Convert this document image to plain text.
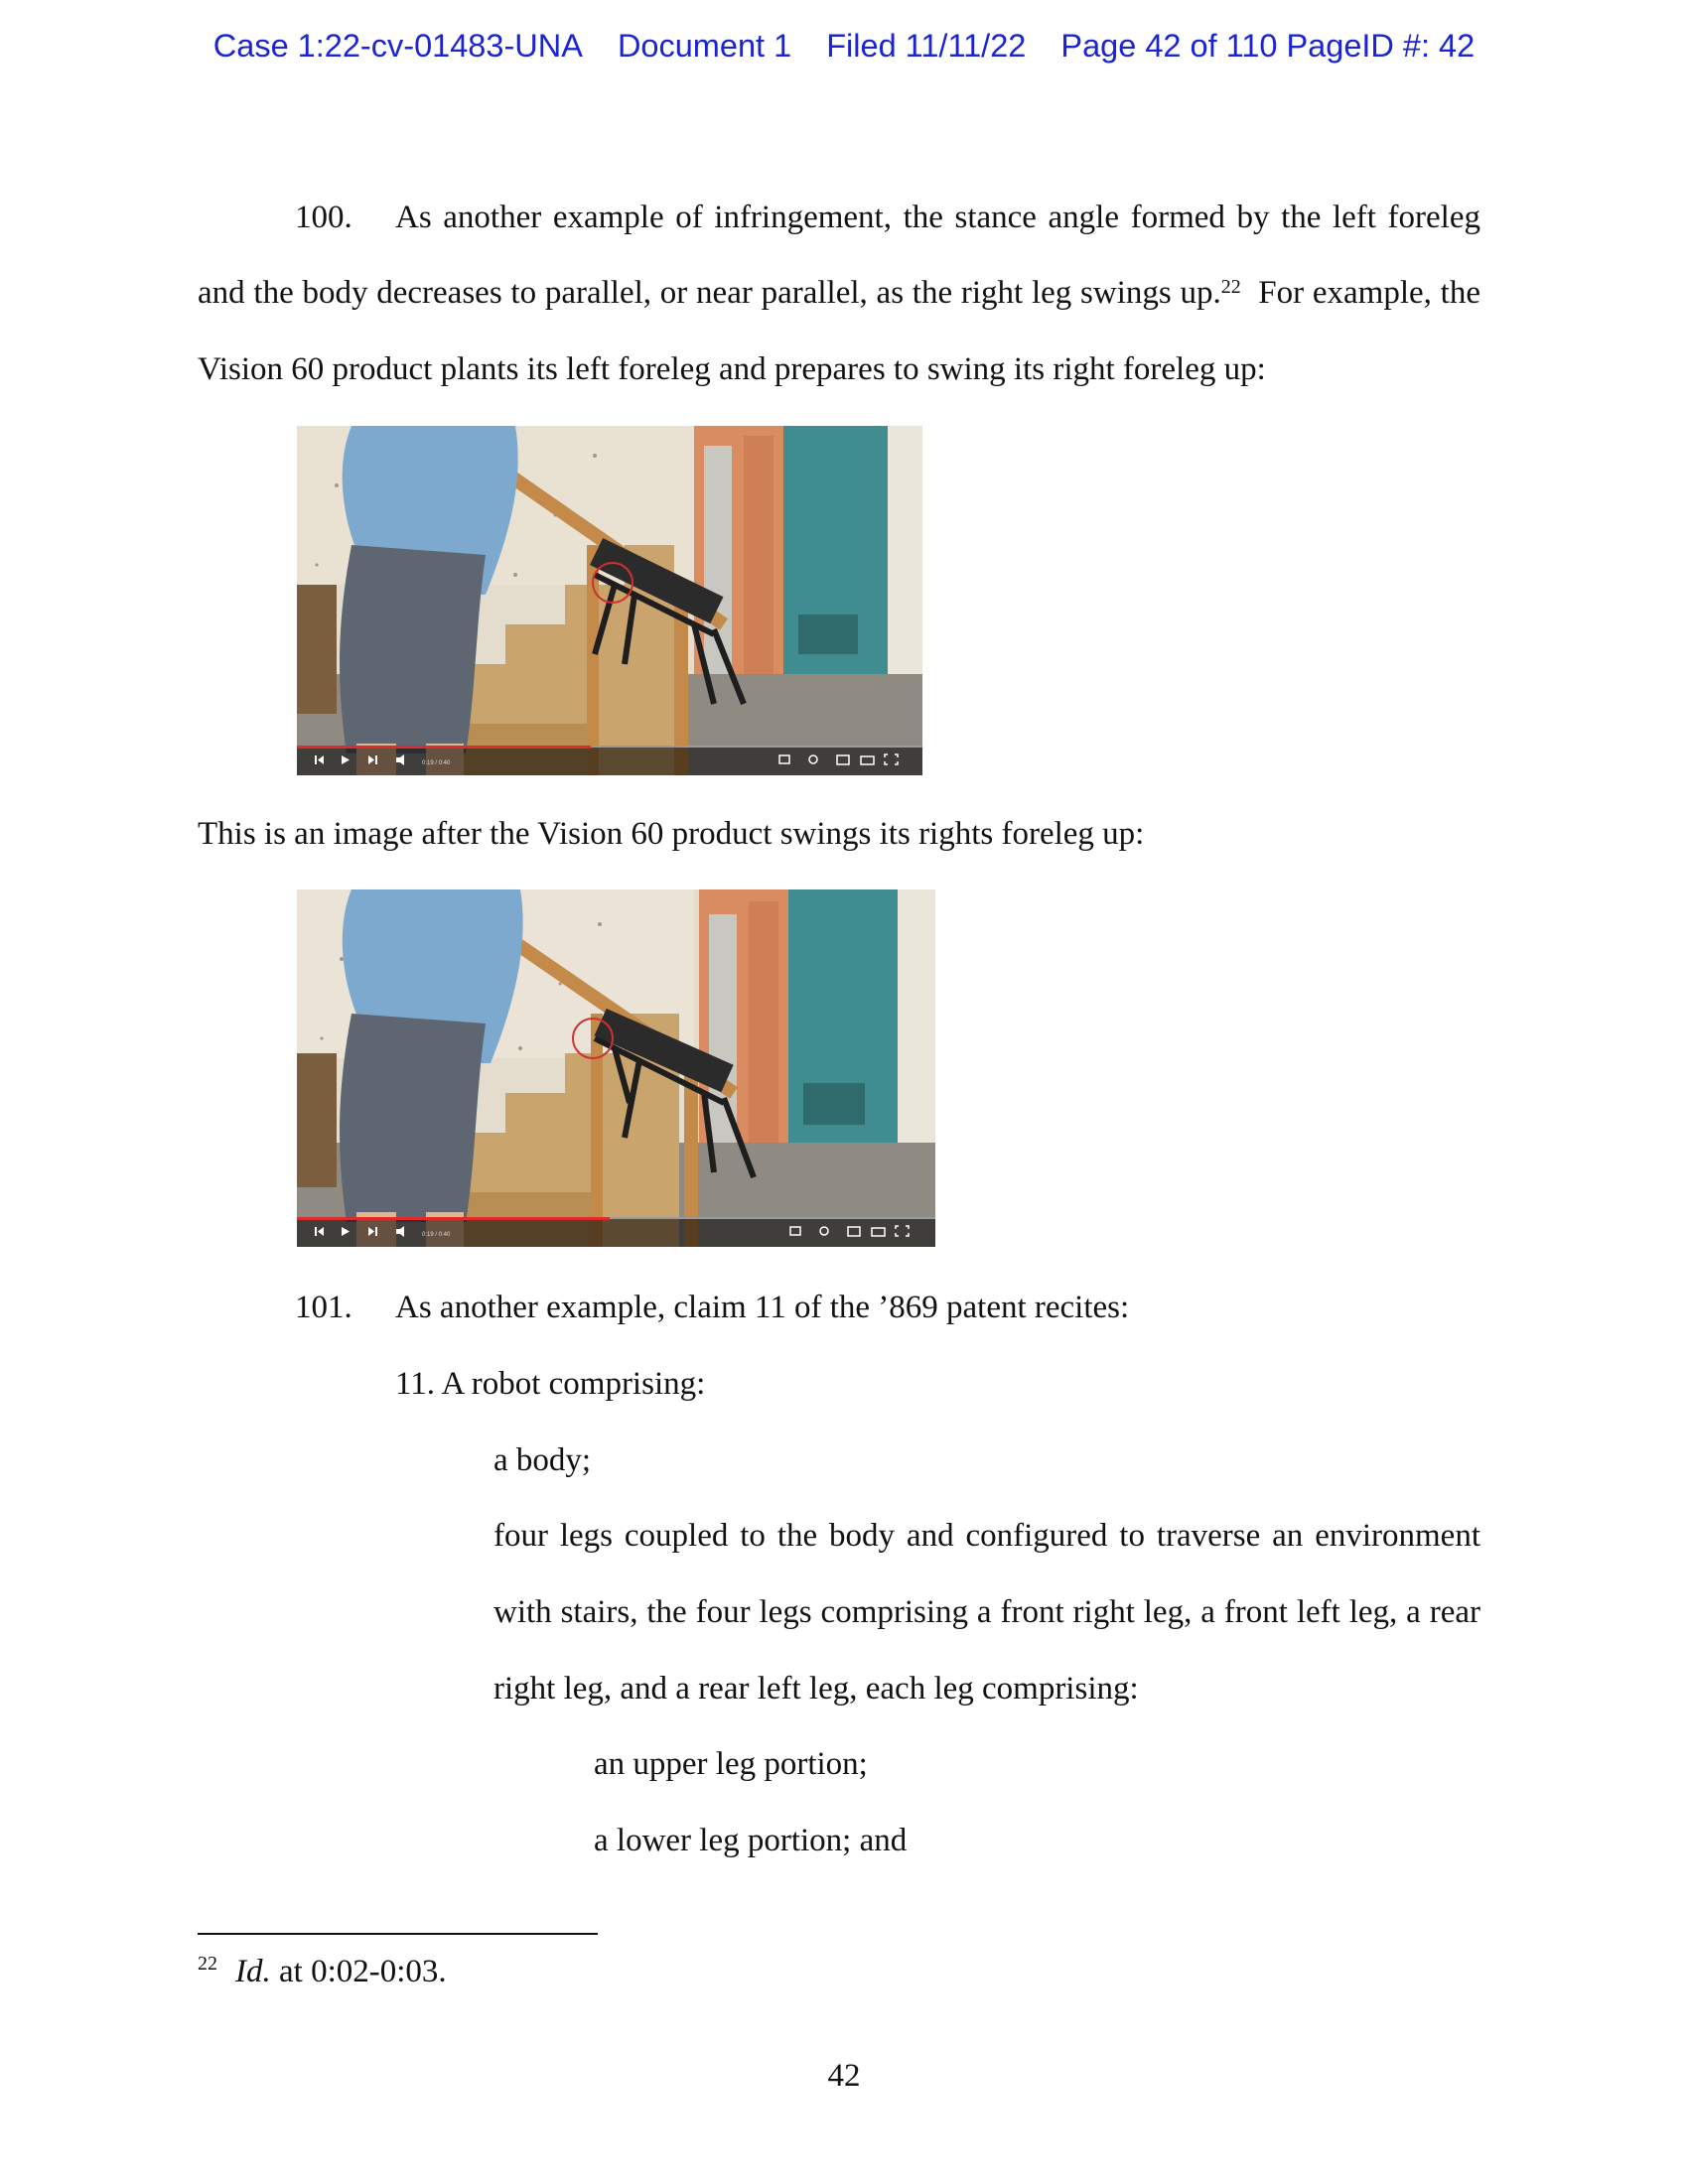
Case 1:22-cv-01483-UNA Document 1 Filed 11/11/22 Page 42 of 110 PageID #: 42
100. As another example of infringement, the stance angle formed by the left foreleg
and the body decreases to parallel, or near parallel, as the right leg swings up.$^{22}$  For example, the
Vision 60 product plants its left foreleg and prepares to swing its right foreleg up:
0:19 / 0:40
This is an image after the Vision 60 product swings its rights foreleg up:
0:19 / 0:40
101. As another example, claim 11 of the ’869 patent recites:
11. A robot comprising:
a body;
four legs coupled to the body and configured to traverse an environment
with stairs, the four legs comprising a front right leg, a front left leg, a rear
right leg, and a rear left leg, each leg comprising:
an upper leg portion;
a lower leg portion; and
$^{22}$ Id. at 0:02-0:03.
42
